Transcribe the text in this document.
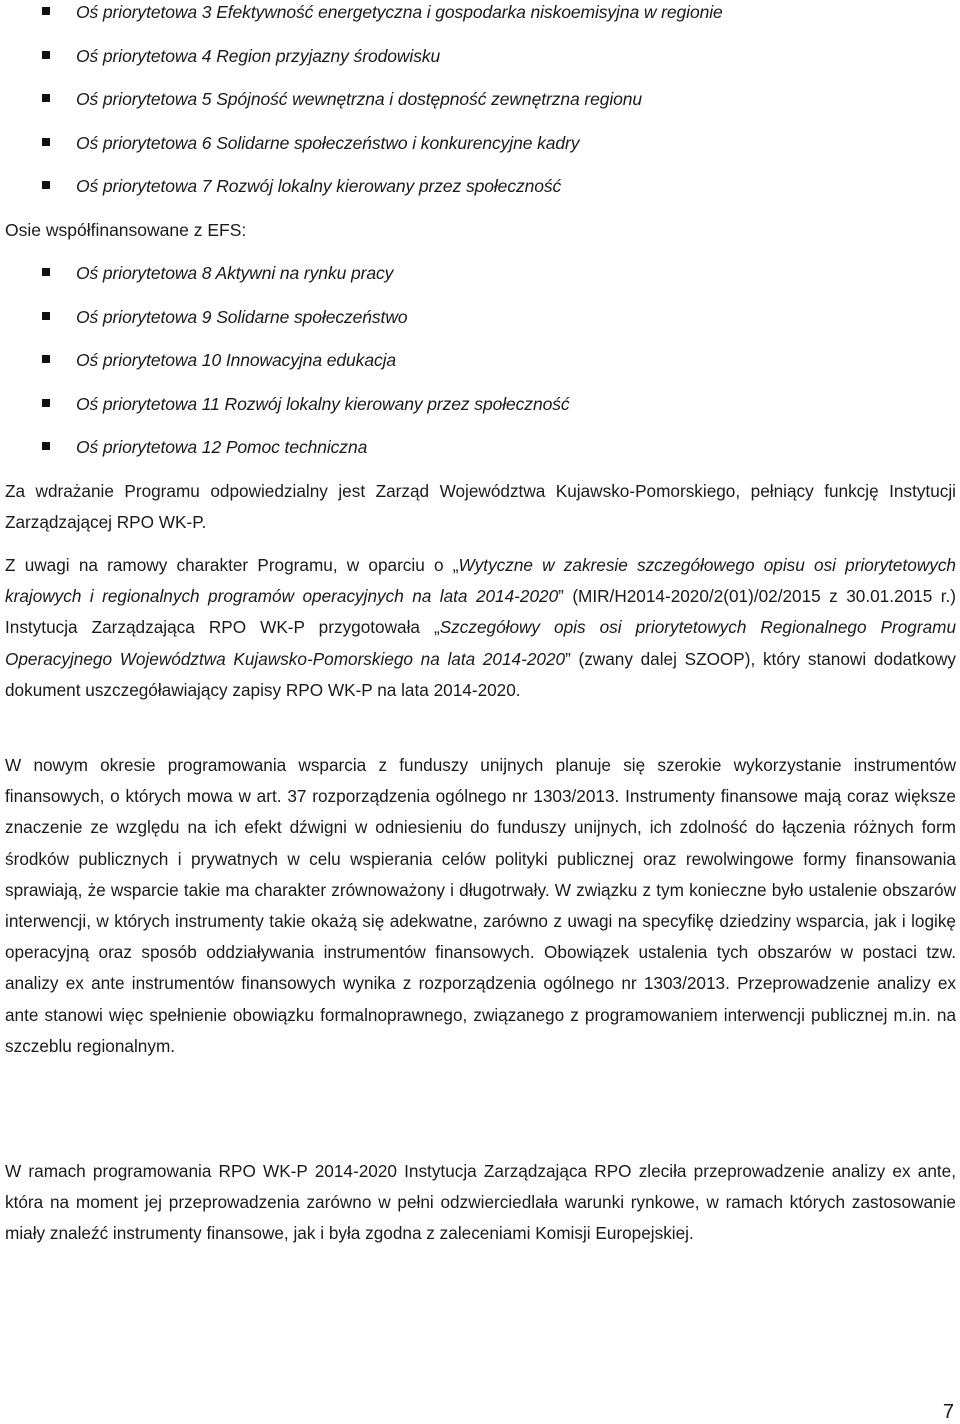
Oś priorytetowa 3 Efektywność energetyczna i gospodarka niskoemisyjna w regionie
Oś priorytetowa 4 Region przyjazny środowisku
Oś priorytetowa 5 Spójność wewnętrzna i dostępność zewnętrzna regionu
Oś priorytetowa 6 Solidarne społeczeństwo i konkurencyjne kadry
Oś priorytetowa 7 Rozwój lokalny kierowany przez społeczność
Osie współfinansowane z EFS:
Oś priorytetowa 8 Aktywni na rynku pracy
Oś priorytetowa 9 Solidarne społeczeństwo
Oś priorytetowa 10 Innowacyjna edukacja
Oś priorytetowa 11 Rozwój lokalny kierowany przez społeczność
Oś priorytetowa 12 Pomoc techniczna

Za wdrażanie Programu odpowiedzialny jest Zarząd Województwa Kujawsko-Pomorskiego, pełniący funkcję Instytucji Zarządzającej RPO WK-P.

Z uwagi na ramowy charakter Programu, w oparciu o „Wytyczne w zakresie szczegółowego opisu osi priorytetowych krajowych i regionalnych programów operacyjnych na lata 2014-2020” (MIR/H2014-2020/2(01)/02/2015 z 30.01.2015 r.) Instytucja Zarządzająca RPO WK-P przygotowała „Szczegółowy opis osi priorytetowych Regionalnego Programu Operacyjnego Województwa Kujawsko-Pomorskiego na lata 2014-2020” (zwany dalej SZOOP), który stanowi dodatkowy dokument uszczegóławiający zapisy RPO WK-P na lata 2014-2020.

W nowym okresie programowania wsparcia z funduszy unijnych planuje się szerokie wykorzystanie instrumentów finansowych, o których mowa w art. 37 rozporządzenia ogólnego nr 1303/2013. Instrumenty finansowe mają coraz większe znaczenie ze względu na ich efekt dźwigni w odniesieniu do funduszy unijnych, ich zdolność do łączenia różnych form środków publicznych i prywatnych w celu wspierania celów polityki publicznej oraz rewolwingowe formy finansowania sprawiają, że wsparcie takie ma charakter zrównoważony i długotrwały. W związku z tym konieczne było ustalenie obszarów interwencji, w których instrumenty takie okażą się adekwatne, zarówno z uwagi na specyfikę dziedziny wsparcia, jak i logikę operacyjną oraz sposób oddziaływania instrumentów finansowych. Obowiązek ustalenia tych obszarów w postaci tzw. analizy ex ante instrumentów finansowych wynika z rozporządzenia ogólnego nr 1303/2013. Przeprowadzenie analizy ex ante stanowi więc spełnienie obowiązku formalnoprawnego, związanego z programowaniem interwencji publicznej m.in. na szczeblu regionalnym.

W ramach programowania RPO WK-P 2014-2020 Instytucja Zarządzająca RPO zleciła przeprowadzenie analizy ex ante, która na moment jej przeprowadzenia zarówno w pełni odzwierciedlała warunki rynkowe, w ramach których zastosowanie miały znaleźć instrumenty finansowe, jak i była zgodna z zaleceniami Komisji Europejskiej.

7
